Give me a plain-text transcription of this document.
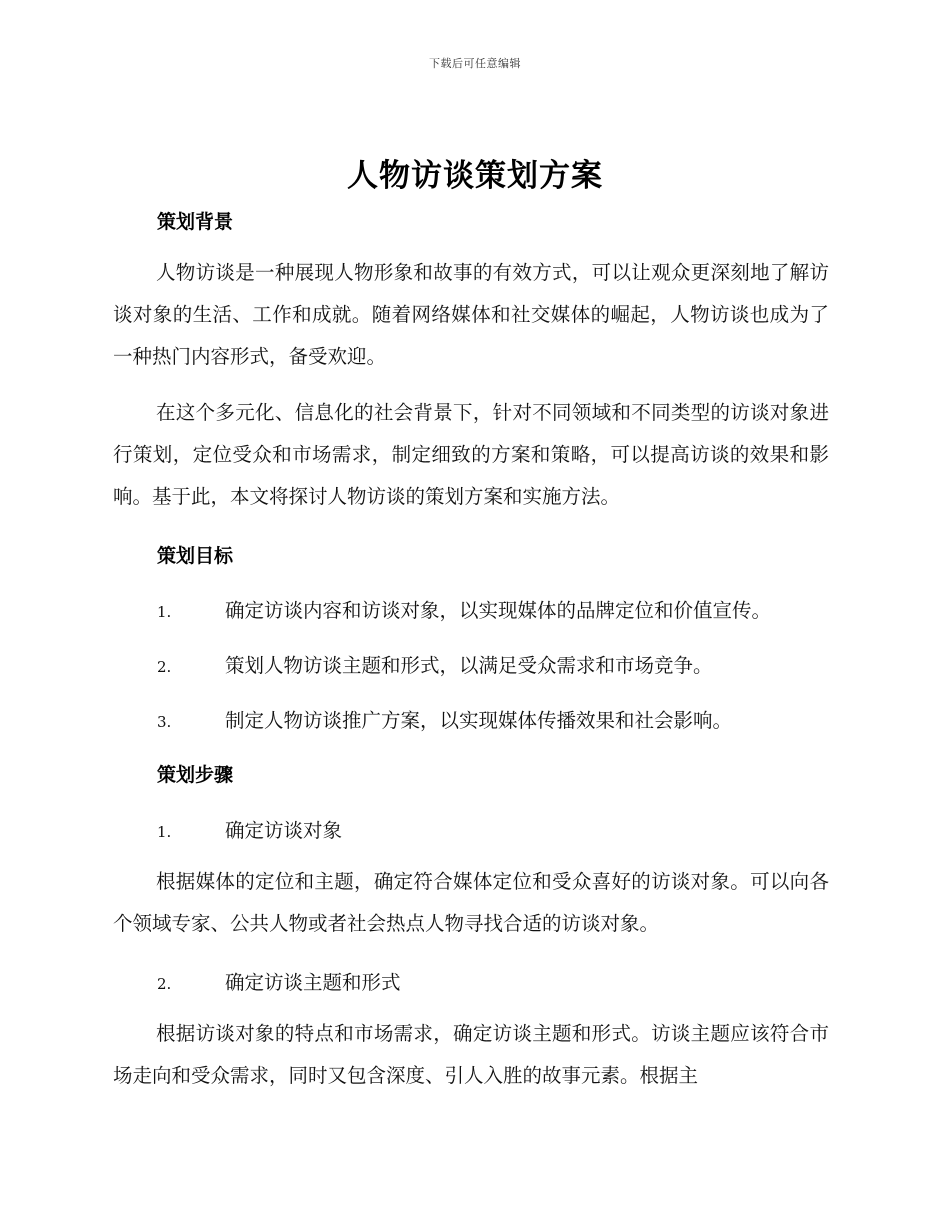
下载后可任意编辑
人物访谈策划方案
策划背景

人物访谈是一种展现人物形象和故事的有效方式，可以让观众更深刻地了解访谈对象的生活、工作和成就。随着网络媒体和社交媒体的崛起，人物访谈也成为了一种热门内容形式，备受欢迎。

在这个多元化、信息化的社会背景下，针对不同领域和不同类型的访谈对象进行策划，定位受众和市场需求，制定细致的方案和策略，可以提高访谈的效果和影响。基于此，本文将探讨人物访谈的策划方案和实施方法。

策划目标
1.	确定访谈内容和访谈对象，以实现媒体的品牌定位和价值宣传。
2.	策划人物访谈主题和形式，以满足受众需求和市场竞争。
3.	制定人物访谈推广方案，以实现媒体传播效果和社会影响。
策划步骤
1.	确定访谈对象

根据媒体的定位和主题，确定符合媒体定位和受众喜好的访谈对象。可以向各个领域专家、公共人物或者社会热点人物寻找合适的访谈对象。

2.	确定访谈主题和形式

根据访谈对象的特点和市场需求，确定访谈主题和形式。访谈主题应该符合市场走向和受众需求，同时又包含深度、引人入胜的故事元素。根据主
